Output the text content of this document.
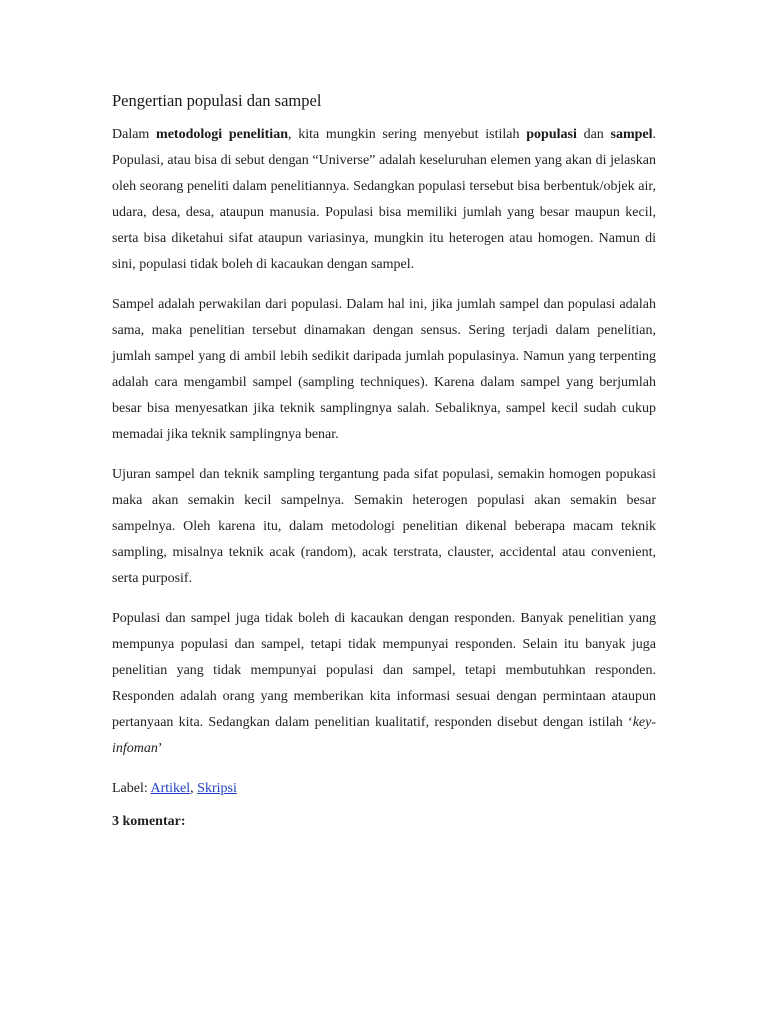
Pengertian populasi dan sampel

Dalam metodologi penelitian, kita mungkin sering menyebut istilah populasi dan sampel. Populasi, atau bisa di sebut dengan “Universe” adalah keseluruhan elemen yang akan di jelaskan oleh seorang peneliti dalam penelitiannya. Sedangkan populasi tersebut bisa berbentuk/objek air, udara, desa, desa, ataupun manusia. Populasi bisa memiliki jumlah yang besar maupun kecil, serta bisa diketahui sifat ataupun variasinya, mungkin itu heterogen atau homogen. Namun di sini, populasi tidak boleh di kacaukan dengan sampel.

Sampel adalah perwakilan dari populasi. Dalam hal ini, jika jumlah sampel dan populasi adalah sama, maka penelitian tersebut dinamakan dengan sensus. Sering terjadi dalam penelitian, jumlah sampel yang di ambil lebih sedikit daripada jumlah populasinya. Namun yang terpenting adalah cara mengambil sampel (sampling techniques). Karena dalam sampel yang berjumlah besar bisa menyesatkan jika teknik samplingnya salah. Sebaliknya, sampel kecil sudah cukup memadai jika teknik samplingnya benar.

Ujuran sampel dan teknik sampling tergantung pada sifat populasi, semakin homogen popukasi maka akan semakin kecil sampelnya. Semakin heterogen populasi akan semakin besar sampelnya. Oleh karena itu, dalam metodologi penelitian dikenal beberapa macam teknik sampling, misalnya teknik acak (random), acak terstrata, clauster, accidental atau convenient, serta purposif.

Populasi dan sampel juga tidak boleh di kacaukan dengan responden. Banyak penelitian yang mempunya populasi dan sampel, tetapi tidak mempunyai responden. Selain itu banyak juga penelitian yang tidak mempunyai populasi dan sampel, tetapi membutuhkan responden. Responden adalah orang yang memberikan kita informasi sesuai dengan permintaan ataupun pertanyaan kita. Sedangkan dalam penelitian kualitatif, responden disebut dengan istilah ‘key-infoman’

Label: Artikel, Skripsi
3 komentar:
